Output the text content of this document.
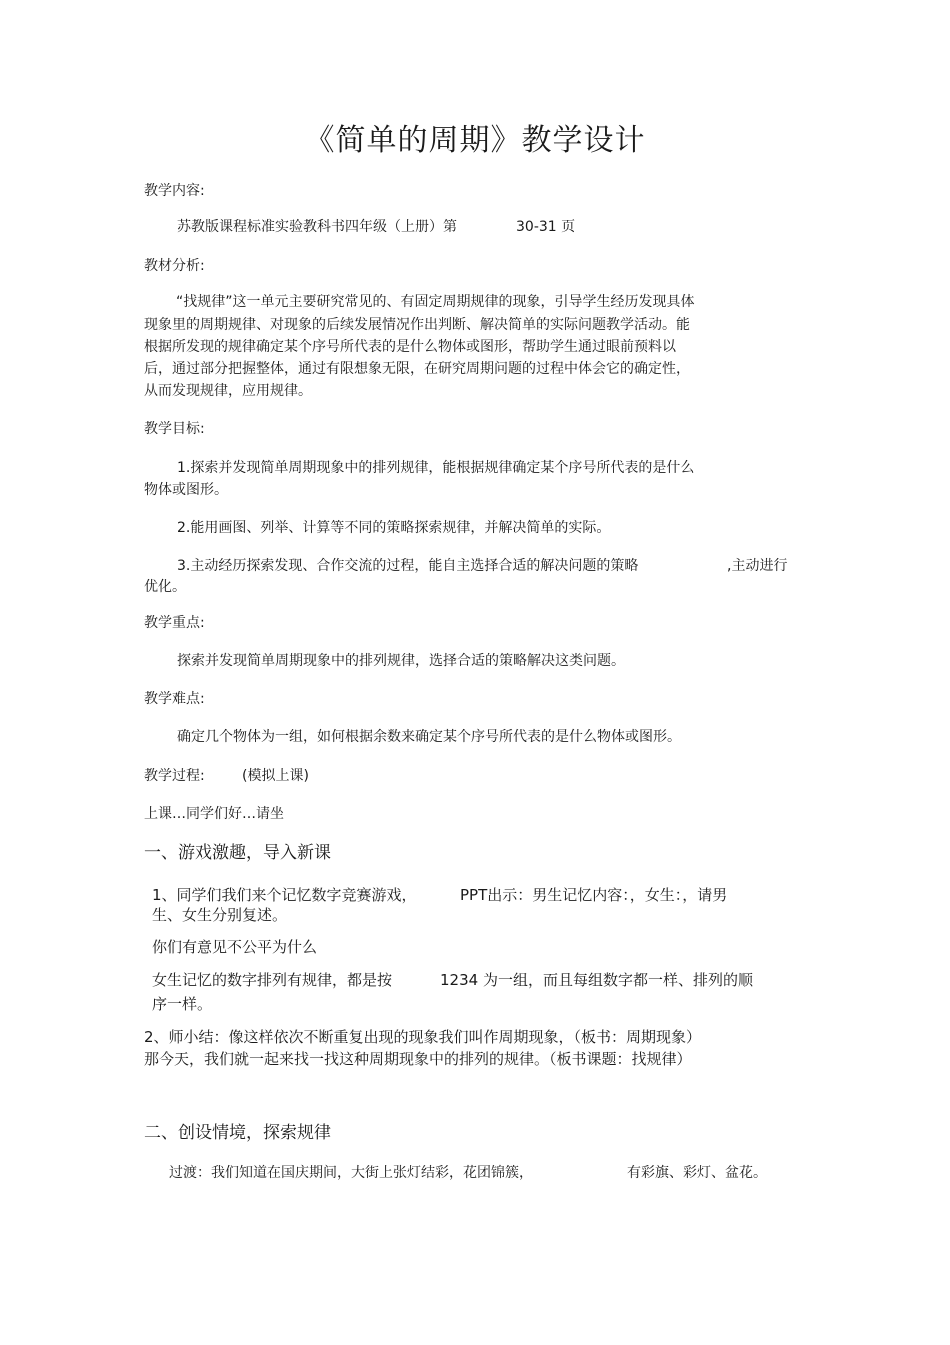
《简单的周期》教学设计
教学内容:
苏教版课程标准实验教科书四年级（上册）第	30-31 页
教材分析:
“找规律”这一单元主要研究常见的、有固定周期规律的现象，引导学生经历发现具体
现象里的周期规律、对现象的后续发展情况作出判断、解决简单的实际问题教学活动。能
根据所发现的规律确定某个序号所代表的是什么物体或图形，帮助学生通过眼前预料以
后，通过部分把握整体，通过有限想象无限，在研究周期问题的过程中体会它的确定性，
从而发现规律，应用规律。
教学目标:
1.探索并发现简单周期现象中的排列规律，能根据规律确定某个序号所代表的是什么
物体或图形。
2.能用画图、列举、计算等不同的策略探索规律，并解决简单的实际。
3.主动经历探索发现、合作交流的过程，能自主选择合适的解决问题的策略	,主动进行
优化。
教学重点:
探索并发现简单周期现象中的排列规律，选择合适的策略解决这类问题。
教学难点:
确定几个物体为一组，如何根据余数来确定某个序号所代表的是什么物体或图形。
教学过程:	(模拟上课)
上课…同学们好…请坐
一、游戏激趣，导入新课
1、同学们我们来个记忆数字竞赛游戏，	PPT出示：男生记忆内容：，女生：，请男
生、女生分别复述。
你们有意见不公平为什么
女生记忆的数字排列有规律，都是按	1234 为一组，而且每组数字都一样、排列的顺
序一样。
2、师小结：像这样依次不断重复出现的现象我们叫作周期现象，（板书：周期现象）
那今天，我们就一起来找一找这种周期现象中的排列的规律。（板书课题：找规律）
二、创设情境，探索规律
过渡：我们知道在国庆期间，大街上张灯结彩，花团锦簇，	有彩旗、彩灯、盆花。
